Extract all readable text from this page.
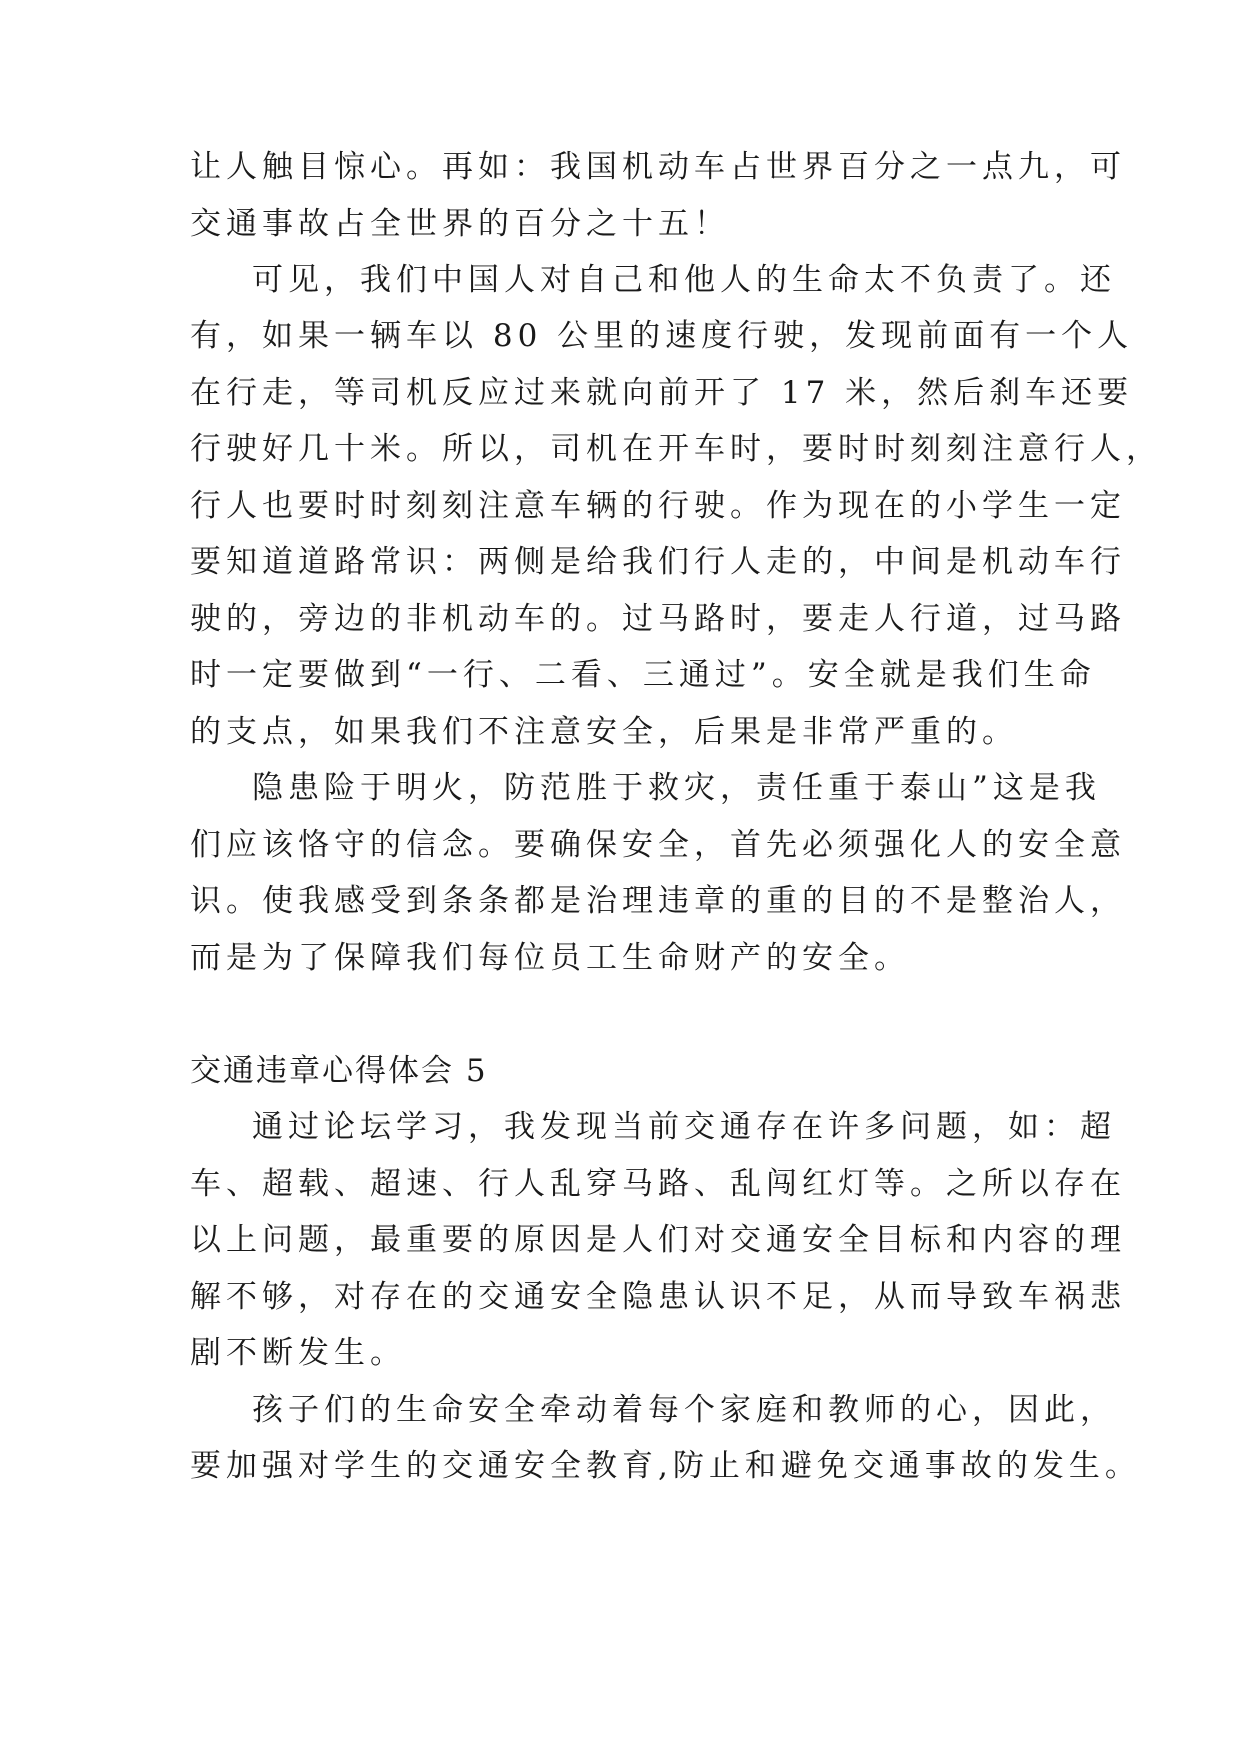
让人触目惊心。再如：我国机动车占世界百分之一点九，可
交通事故占全世界的百分之十五！
可见，我们中国人对自己和他人的生命太不负责了。还
有，如果一辆车以 80 公里的速度行驶，发现前面有一个人
在行走，等司机反应过来就向前开了 17 米，然后刹车还要
行驶好几十米。所以，司机在开车时，要时时刻刻注意行人，
行人也要时时刻刻注意车辆的行驶。作为现在的小学生一定
要知道道路常识：两侧是给我们行人走的，中间是机动车行
驶的，旁边的非机动车的。过马路时，要走人行道，过马路
时一定要做到“一行、二看、三通过”。安全就是我们生命
的支点，如果我们不注意安全，后果是非常严重的。
隐患险于明火，防范胜于救灾，责任重于泰山”这是我
们应该恪守的信念。要确保安全，首先必须强化人的安全意
识。使我感受到条条都是治理违章的重的目的不是整治人，
而是为了保障我们每位员工生命财产的安全。
交通违章心得体会 5
通过论坛学习，我发现当前交通存在许多问题，如：超
车、超载、超速、行人乱穿马路、乱闯红灯等。之所以存在
以上问题，最重要的原因是人们对交通安全目标和内容的理
解不够，对存在的交通安全隐患认识不足，从而导致车祸悲
剧不断发生。
孩子们的生命安全牵动着每个家庭和教师的心，因此，
要加强对学生的交通安全教育,防止和避免交通事故的发生。
